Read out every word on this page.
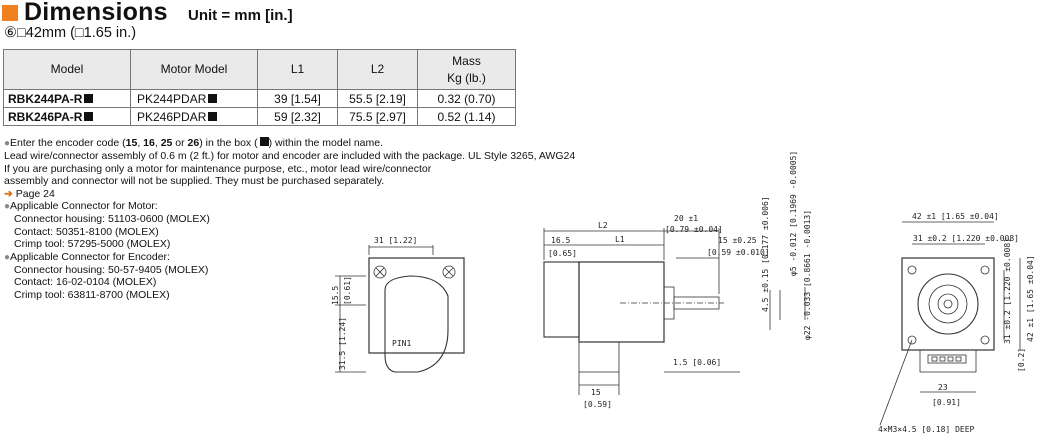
Dimensions Unit = mm [in.]
⑥□42mm (□1.65 in.)
Model	Motor Model	L1	L2	Mass
Kg (lb.)

RBK244PA-R	PK244PDAR	39 [1.54]	55.5 [2.19]	0.32 (0.70)
RBK246PA-R	PK246PDAR	59 [2.32]	75.5 [2.97]	0.52 (1.14)

●Enter the encoder code (15, 16, 25 or 26) in the box ( ) within the model name.

Lead wire/connector assembly of 0.6 m (2 ft.) for motor and encoder are included with the package. UL Style 3265, AWG24

If you are purchasing only a motor for maintenance purpose, etc., motor lead wire/connector

assembly and connector will not be supplied. They must be purchased separately.

➜ Page 24

●Applicable Connector for Motor:

Connector housing: 51103-0600 (MOLEX)

Contact: 50351-8100 (MOLEX)

Crimp tool: 57295-5000 (MOLEX)

●Applicable Connector for Encoder:

Connector housing: 50-57-9405 (MOLEX)

Contact: 16-02-0104 (MOLEX)

Crimp tool: 63811-8700 (MOLEX)

31 [1.22]
15.5 [0.61]
31.5 [1.24]	PIN1
L2
L1
16.5
[0.65]
20 ±1
[0.79 ±0.04]
15 ±0.25
[0.59 ±0.010]
4.5 ±0.15 [0.177 ±0.006] φ5 -0.012 [0.1969 -0.0005] φ22 -0.033 [0.8661 -0.0013]
1.5 [0.06]
15
[0.59]
42 ±1 [1.65 ±0.04]
31 ±0.2 [1.220 ±0.008]
31 ±0.2 [1.220 ±0.008] 42 ±1 [1.65 ±0.04]
23
[0.91]
[0.2]
4×M3×4.5 [0.18] DEEP
